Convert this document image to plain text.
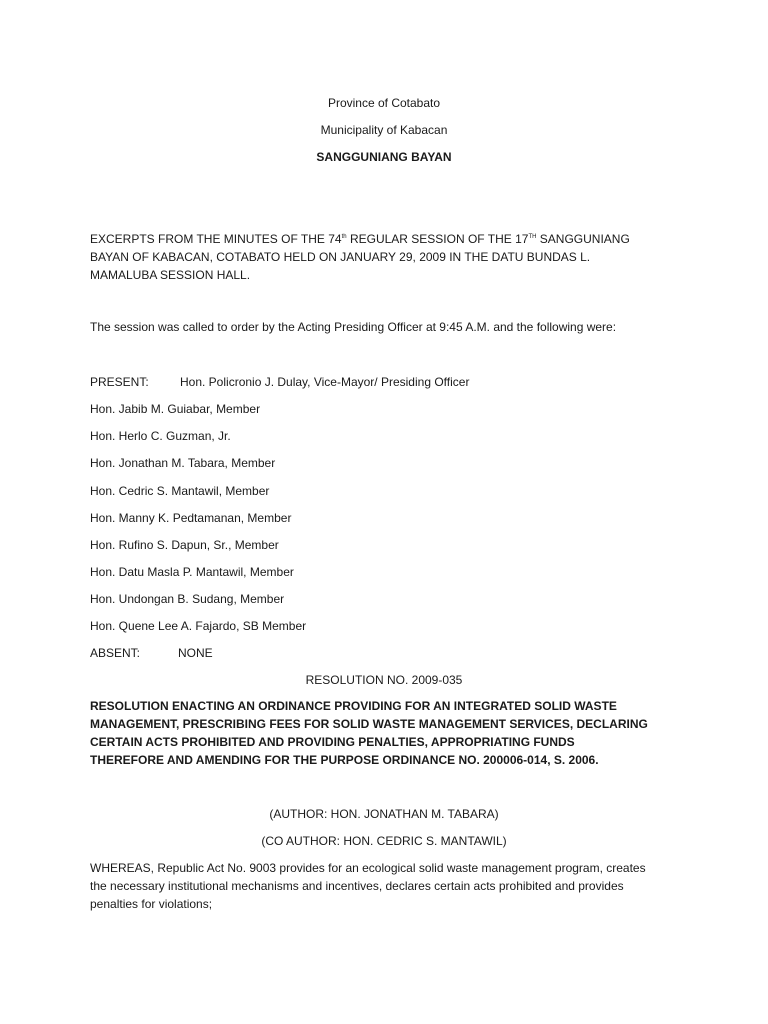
Province of Cotabato
Municipality of Kabacan
SANGGUNIANG BAYAN
EXCERPTS FROM THE MINUTES OF THE 74th REGULAR SESSION OF THE 17TH SANGGUNIANG
BAYAN OF KABACAN, COTABATO HELD ON JANUARY 29, 2009 IN THE DATU BUNDAS L.
MAMALUBA SESSION HALL.
The session was called to order by the Acting Presiding Officer at 9:45 A.M. and the following were:
PRESENT:	Hon. Policronio J. Dulay, Vice-Mayor/ Presiding Officer
Hon. Jabib M. Guiabar, Member
Hon. Herlo C. Guzman, Jr.
Hon. Jonathan M. Tabara, Member
Hon. Cedric S. Mantawil, Member
Hon. Manny K. Pedtamanan, Member
Hon. Rufino S. Dapun, Sr., Member
Hon. Datu Masla P. Mantawil, Member
Hon. Undongan B. Sudang, Member
Hon. Quene Lee A. Fajardo, SB Member
ABSENT:	NONE
RESOLUTION NO. 2009-035
RESOLUTION ENACTING AN ORDINANCE PROVIDING FOR AN INTEGRATED SOLID WASTE
MANAGEMENT, PRESCRIBING FEES FOR SOLID WASTE MANAGEMENT SERVICES, DECLARING
CERTAIN ACTS PROHIBITED AND PROVIDING PENALTIES, APPROPRIATING FUNDS
THEREFORE AND AMENDING FOR THE PURPOSE ORDINANCE NO. 200006-014, S. 2006.
(AUTHOR: HON. JONATHAN M. TABARA)
(CO AUTHOR: HON. CEDRIC S. MANTAWIL)
WHEREAS, Republic Act No. 9003 provides for an ecological solid waste management program, creates
the necessary institutional mechanisms and incentives, declares certain acts prohibited and provides
penalties for violations;
